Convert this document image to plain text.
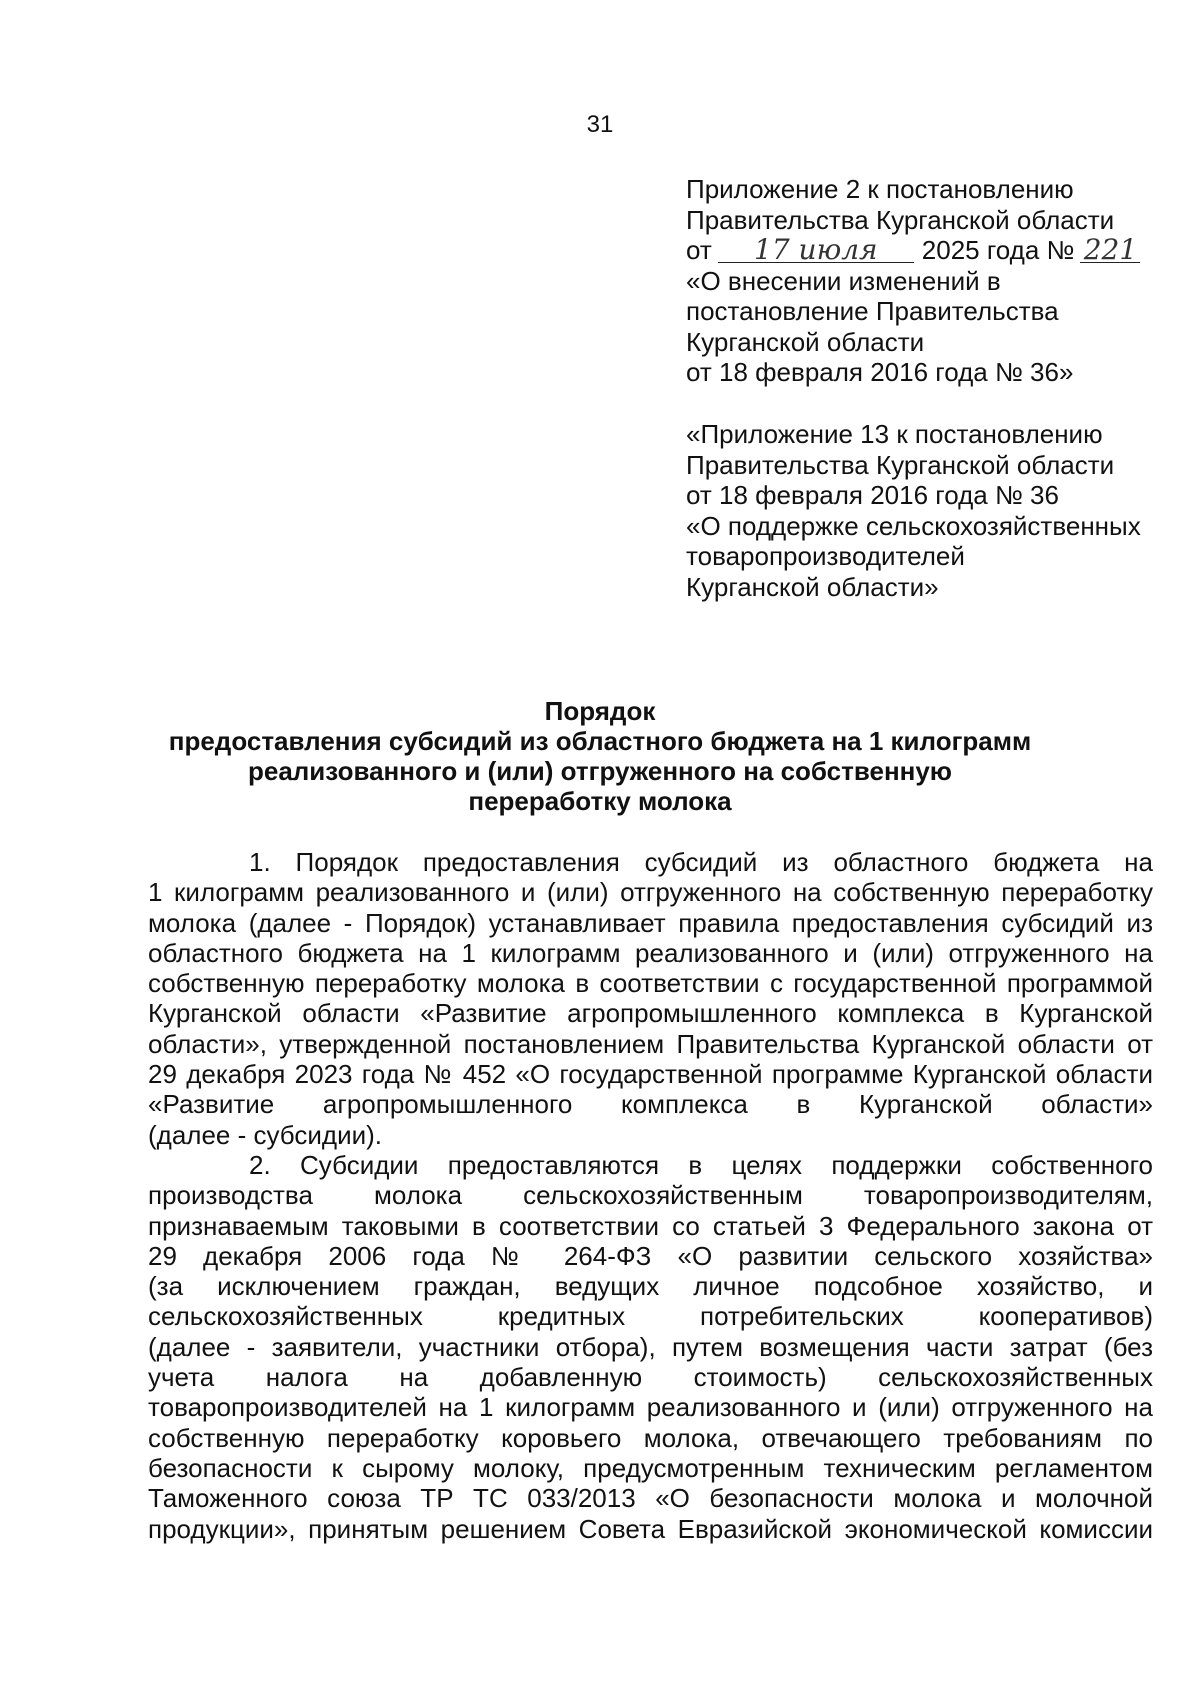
31
Приложение 2 к постановлению
Правительства Курганской области
от 17 июля 2025 года № 221
«О внесении изменений в
постановление Правительства
Курганской области
от 18 февраля 2016 года № 36»
«Приложение 13 к постановлению
Правительства Курганской области
от 18 февраля 2016 года № 36
«О поддержке сельскохозяйственных
товаропроизводителей
Курганской области»
Порядок
предоставления субсидий из областного бюджета на 1 килограмм
реализованного и (или) отгруженного на собственную
переработку молока
1. Порядок предоставления субсидий из областного бюджета на
1 килограмм реализованного и (или) отгруженного на собственную переработку
молока (далее - Порядок) устанавливает правила предоставления субсидий из
областного бюджета на 1 килограмм реализованного и (или) отгруженного на
собственную переработку молока в соответствии с государственной программой
Курганской области «Развитие агропромышленного комплекса в Курганской
области», утвержденной постановлением Правительства Курганской области от
29 декабря 2023 года № 452 «О государственной программе Курганской области
«Развитие агропромышленного комплекса в Курганской области»
(далее - субсидии).
2. Субсидии предоставляются в целях поддержки собственного
производства молока сельскохозяйственным товаропроизводителям,
признаваемым таковыми в соответствии со статьей 3 Федерального закона от
29 декабря 2006 года № 264-ФЗ «О развитии сельского хозяйства»
(за исключением граждан, ведущих личное подсобное хозяйство, и
сельскохозяйственных кредитных потребительских кооперативов)
(далее - заявители, участники отбора), путем возмещения части затрат (без
учета налога на добавленную стоимость) сельскохозяйственных
товаропроизводителей на 1 килограмм реализованного и (или) отгруженного на
собственную переработку коровьего молока, отвечающего требованиям по
безопасности к сырому молоку, предусмотренным техническим регламентом
Таможенного союза ТР ТС 033/2013 «О безопасности молока и молочной
продукции», принятым решением Совета Евразийской экономической комиссии
